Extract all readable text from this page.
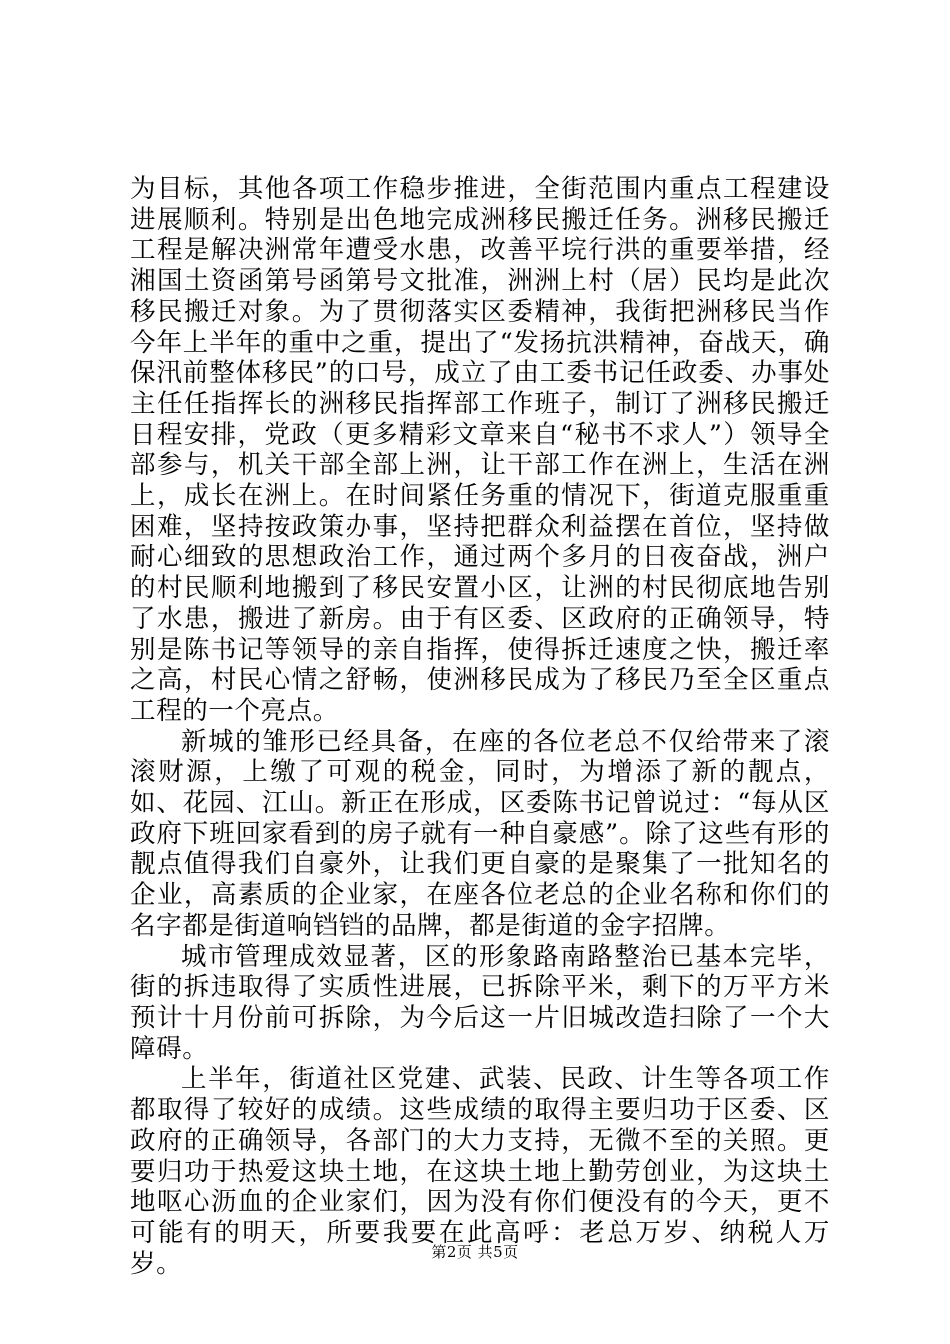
为目标，其他各项工作稳步推进，全街范围内重点工程建设进展顺利。特别是出色地完成洲移民搬迁任务。洲移民搬迁工程是解决洲常年遭受水患，改善平垸行洪的重要举措，经湘国土资函第号函第号文批准，洲洲上村（居）民均是此次移民搬迁对象。为了贯彻落实区委精神，我街把洲移民当作今年上半年的重中之重，提出了“发扬抗洪精神，奋战天，确保汛前整体移民”的口号，成立了由工委书记任政委、办事处主任任指挥长的洲移民指挥部工作班子，制订了洲移民搬迁日程安排，党政（更多精彩文章来自“秘书不求人”）领导全部参与，机关干部全部上洲，让干部工作在洲上，生活在洲上，成长在洲上。在时间紧任务重的情况下，街道克服重重困难，坚持按政策办事，坚持把群众利益摆在首位，坚持做耐心细致的思想政治工作，通过两个多月的日夜奋战，洲户的村民顺利地搬到了移民安置小区，让洲的村民彻底地告别了水患，搬进了新房。由于有区委、区政府的正确领导，特别是陈书记等领导的亲自指挥，使得拆迁速度之快，搬迁率之高，村民心情之舒畅，使洲移民成为了移民乃至全区重点工程的一个亮点。

新城的雏形已经具备，在座的各位老总不仅给带来了滚滚财源，上缴了可观的税金，同时，为增添了新的靓点，如、花园、江山。新正在形成，区委陈书记曾说过：“每从区政府下班回家看到的房子就有一种自豪感”。除了这些有形的靓点值得我们自豪外，让我们更自豪的是聚集了一批知名的企业，高素质的企业家，在座各位老总的企业名称和你们的名字都是街道响铛铛的品牌，都是街道的金字招牌。

城市管理成效显著，区的形象路南路整治已基本完毕，街的拆违取得了实质性进展，已拆除平米，剩下的万平方米预计十月份前可拆除，为今后这一片旧城改造扫除了一个大障碍。

上半年，街道社区党建、武装、民政、计生等各项工作都取得了较好的成绩。这些成绩的取得主要归功于区委、区政府的正确领导，各部门的大力支持，无微不至的关照。更要归功于热爱这块土地，在这块土地上勤劳创业，为这块土地呕心沥血的企业家们，因为没有你们便没有的今天，更不可能有的明天，所要我要在此高呼：老总万岁、纳税人万岁。	第2页 共5页
